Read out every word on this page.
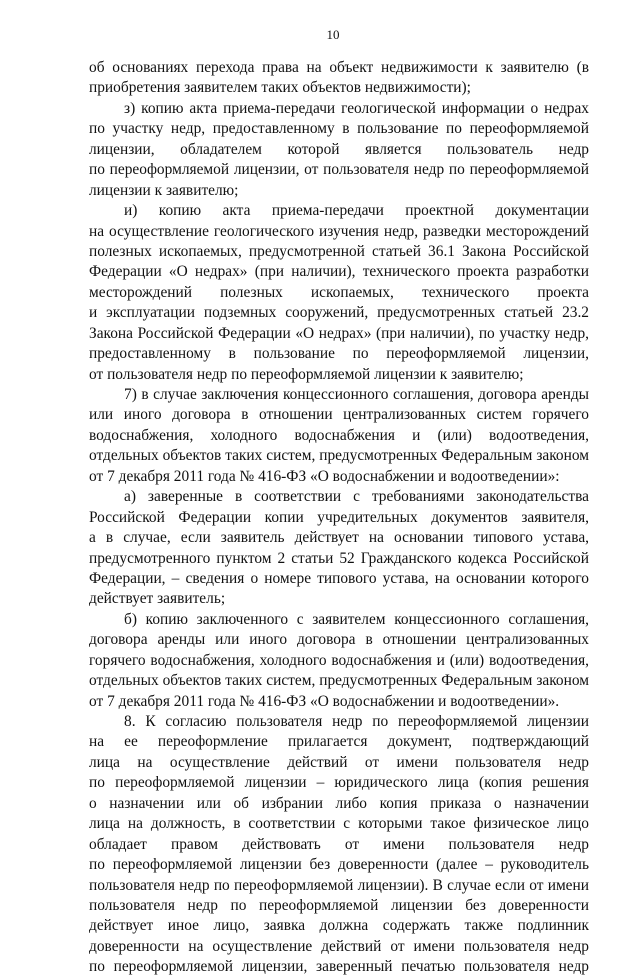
10
об основаниях перехода права на объект недвижимости к заявителю (в
приобретения заявителем таких объектов недвижимости);
з) копию акта приема-передачи геологической информации о недрах
по участку недр, предоставленному в пользование по переоформляемой
лицензии, обладателем которой является пользователь недр
по переоформляемой лицензии, от пользователя недр по переоформляемой
лицензии к заявителю;
и) копию акта приема-передачи проектной документации
на осуществление геологического изучения недр, разведки месторождений
полезных ископаемых, предусмотренной статьей 36.1 Закона Российской
Федерации «О недрах» (при наличии), технического проекта разработки
месторождений полезных ископаемых, технического проекта
и эксплуатации подземных сооружений, предусмотренных статьей 23.2
Закона Российской Федерации «О недрах» (при наличии), по участку недр,
предоставленному в пользование по переоформляемой лицензии,
от пользователя недр по переоформляемой лицензии к заявителю;
7) в случае заключения концессионного соглашения, договора аренды
или иного договора в отношении централизованных систем горячего
водоснабжения, холодного водоснабжения и (или) водоотведения,
отдельных объектов таких систем, предусмотренных Федеральным законом
от 7 декабря 2011 года № 416-ФЗ «О водоснабжении и водоотведении»:
а) заверенные в соответствии с требованиями законодательства
Российской Федерации копии учредительных документов заявителя,
а в случае, если заявитель действует на основании типового устава,
предусмотренного пунктом 2 статьи 52 Гражданского кодекса Российской
Федерации, – сведения о номере типового устава, на основании которого
действует заявитель;
б) копию заключенного с заявителем концессионного соглашения,
договора аренды или иного договора в отношении централизованных
горячего водоснабжения, холодного водоснабжения и (или) водоотведения,
отдельных объектов таких систем, предусмотренных Федеральным законом
от 7 декабря 2011 года № 416-ФЗ «О водоснабжении и водоотведении».
8. К согласию пользователя недр по переоформляемой лицензии
на ее переоформление прилагается документ, подтверждающий
лица на осуществление действий от имени пользователя недр
по переоформляемой лицензии – юридического лица (копия решения
о назначении или об избрании либо копия приказа о назначении
лица на должность, в соответствии с которыми такое физическое лицо
обладает правом действовать от имени пользователя недр
по переоформляемой лицензии без доверенности (далее – руководитель
пользователя недр по переоформляемой лицензии). В случае если от имени
пользователя недр по переоформляемой лицензии без доверенности
действует иное лицо, заявка должна содержать также подлинник
доверенности на осуществление действий от имени пользователя недр
по переоформляемой лицензии, заверенный печатью пользователя недр
